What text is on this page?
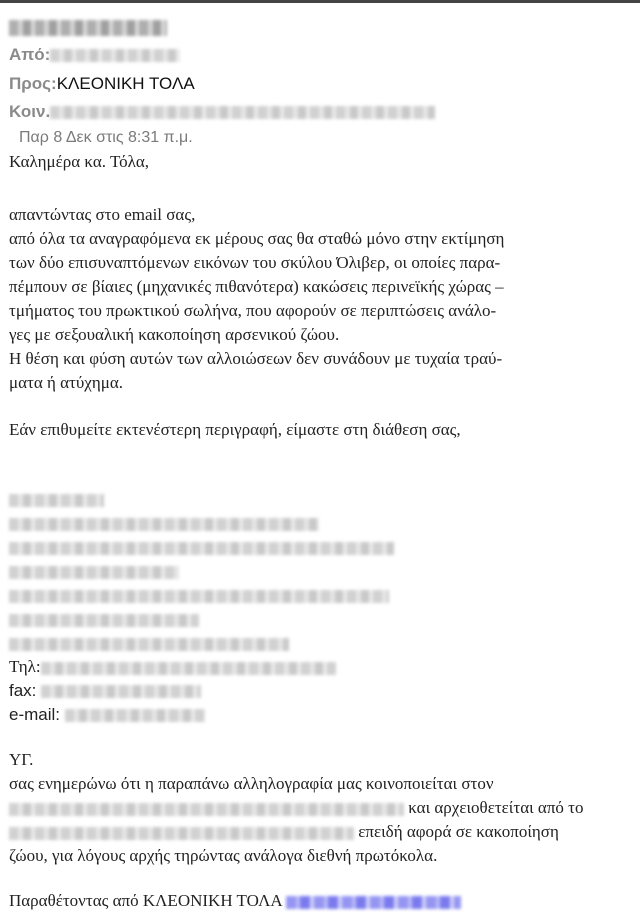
Από:
Προς:ΚΛΕΟΝΙΚΗ ΤΟΛΑ
Κοιν.
Παρ 8 Δεκ στις 8:31 π.μ.
Καλημέρα κα. Τόλα,
απαντώντας στο email σας,
από όλα τα αναγραφόμενα εκ μέρους σας θα σταθώ μόνο στην εκτίμηση
των δύο επισυναπτόμενων εικόνων του σκύλου Όλιβερ, οι οποίες παρα-
πέμπουν σε βίαιες (μηχανικές πιθανότερα) κακώσεις περινεϊκής χώρας –
τμήματος του πρωκτικού σωλήνα, που αφορούν σε περιπτώσεις ανάλο-
γες με σεξουαλική κακοποίηση αρσενικού ζώου.
Η θέση και φύση αυτών των αλλοιώσεων δεν συνάδουν με τυχαία τραύ-
ματα ή ατύχημα.
Εάν επιθυμείτε εκτενέστερη περιγραφή, είμαστε στη διάθεση σας,
Τηλ:
fax:
e-mail:
ΥΓ.
σας ενημερώνω ότι η παραπάνω αλληλογραφία μας κοινοποιείται στον
και αρχειοθετείται από το
επειδή αφορά σε κακοποίηση
ζώου, για λόγους αρχής τηρώντας ανάλογα διεθνή πρωτόκολα.
Παραθέτοντας από ΚΛΕΟΝΙΚΗ ΤΟΛΑ
